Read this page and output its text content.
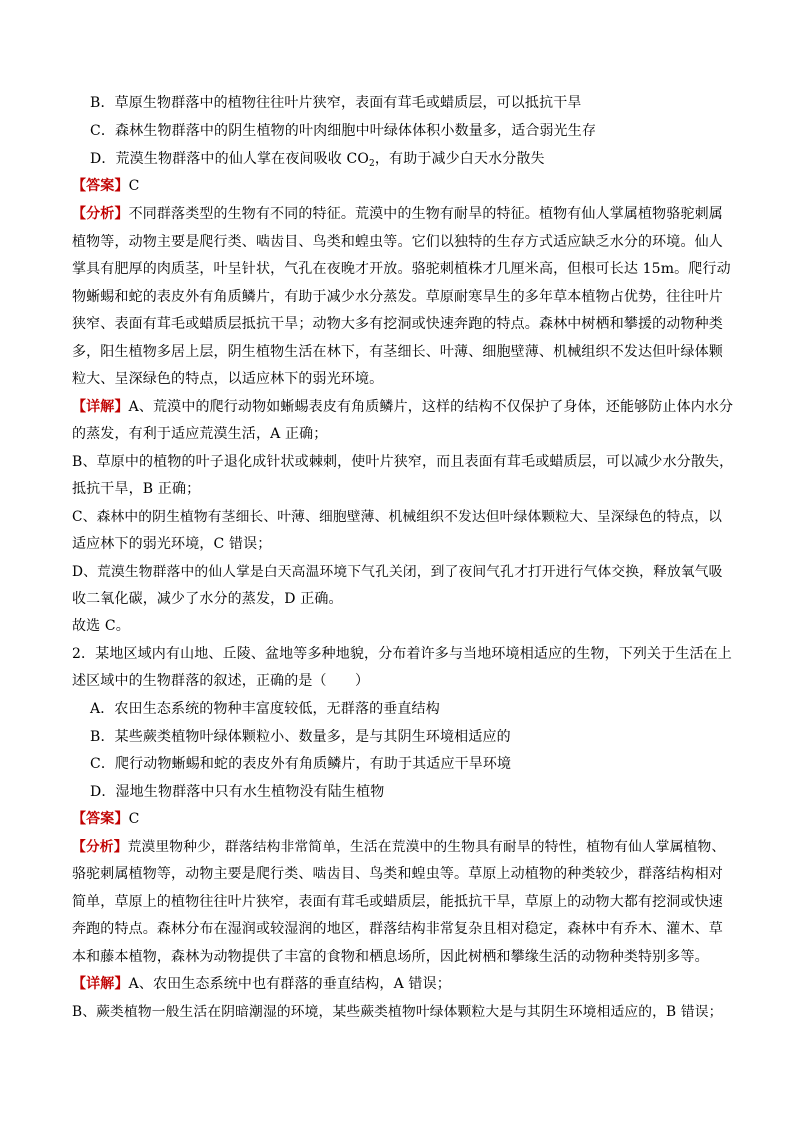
B．草原生物群落中的植物往往叶片狭窄，表面有茸毛或蜡质层，可以抵抗干旱
C．森林生物群落中的阴生植物的叶肉细胞中叶绿体体积小数量多，适合弱光生存
D．荒漠生物群落中的仙人掌在夜间吸收 $CO_2$，有助于减少白天水分散失
【答案】C
【分析】不同群落类型的生物有不同的特征。荒漠中的生物有耐旱的特征。植物有仙人掌属植物骆驼刺属
植物等，动物主要是爬行类、啮齿目、鸟类和蝗虫等。它们以独特的生存方式适应缺乏水分的环境。仙人
掌具有肥厚的肉质茎，叶呈针状，气孔在夜晚才开放。骆驼刺植株才几厘米高，但根可长达 15m。爬行动
物蜥蜴和蛇的表皮外有角质鳞片，有助于减少水分蒸发。草原耐寒旱生的多年草本植物占优势，往往叶片
狭窄、表面有茸毛或蜡质层抵抗干旱；动物大多有挖洞或快速奔跑的特点。森林中树栖和攀援的动物种类
多，阳生植物多居上层，阴生植物生活在林下，有茎细长、叶薄、细胞壁薄、机械组织不发达但叶绿体颗
粒大、呈深绿色的特点，以适应林下的弱光环境。
【详解】A、荒漠中的爬行动物如蜥蜴表皮有角质鳞片，这样的结构不仅保护了身体，还能够防止体内水分
的蒸发，有利于适应荒漠生活，A 正确；
B、草原中的植物的叶子退化成针状或棘刺，使叶片狭窄，而且表面有茸毛或蜡质层，可以减少水分散失，
抵抗干旱，B 正确；
C、森林中的阴生植物有茎细长、叶薄、细胞壁薄、机械组织不发达但叶绿体颗粒大、呈深绿色的特点，以
适应林下的弱光环境，C 错误；
D、荒漠生物群落中的仙人掌是白天高温环境下气孔关闭，到了夜间气孔才打开进行气体交换，释放氧气吸
收二氧化碳，减少了水分的蒸发，D 正确。
故选 C。
2．某地区域内有山地、丘陵、盆地等多种地貌，分布着许多与当地环境相适应的生物，下列关于生活在上
述区域中的生物群落的叙述，正确的是（　　）
A．农田生态系统的物种丰富度较低，无群落的垂直结构
B．某些蕨类植物叶绿体颗粒小、数量多，是与其阴生环境相适应的
C．爬行动物蜥蜴和蛇的表皮外有角质鳞片，有助于其适应干旱环境
D．湿地生物群落中只有水生植物没有陆生植物
【答案】C
【分析】荒漠里物种少，群落结构非常简单，生活在荒漠中的生物具有耐旱的特性，植物有仙人掌属植物、
骆驼刺属植物等，动物主要是爬行类、啮齿目、鸟类和蝗虫等。草原上动植物的种类较少，群落结构相对
简单，草原上的植物往往叶片狭窄，表面有茸毛或蜡质层，能抵抗干旱，草原上的动物大都有挖洞或快速
奔跑的特点。森林分布在湿润或较湿润的地区，群落结构非常复杂且相对稳定，森林中有乔木、灌木、草
本和藤本植物，森林为动物提供了丰富的食物和栖息场所，因此树栖和攀缘生活的动物种类特别多等。
【详解】A、农田生态系统中也有群落的垂直结构，A 错误；
B、蕨类植物一般生活在阴暗潮湿的环境，某些蕨类植物叶绿体颗粒大是与其阴生环境相适应的，B 错误；
